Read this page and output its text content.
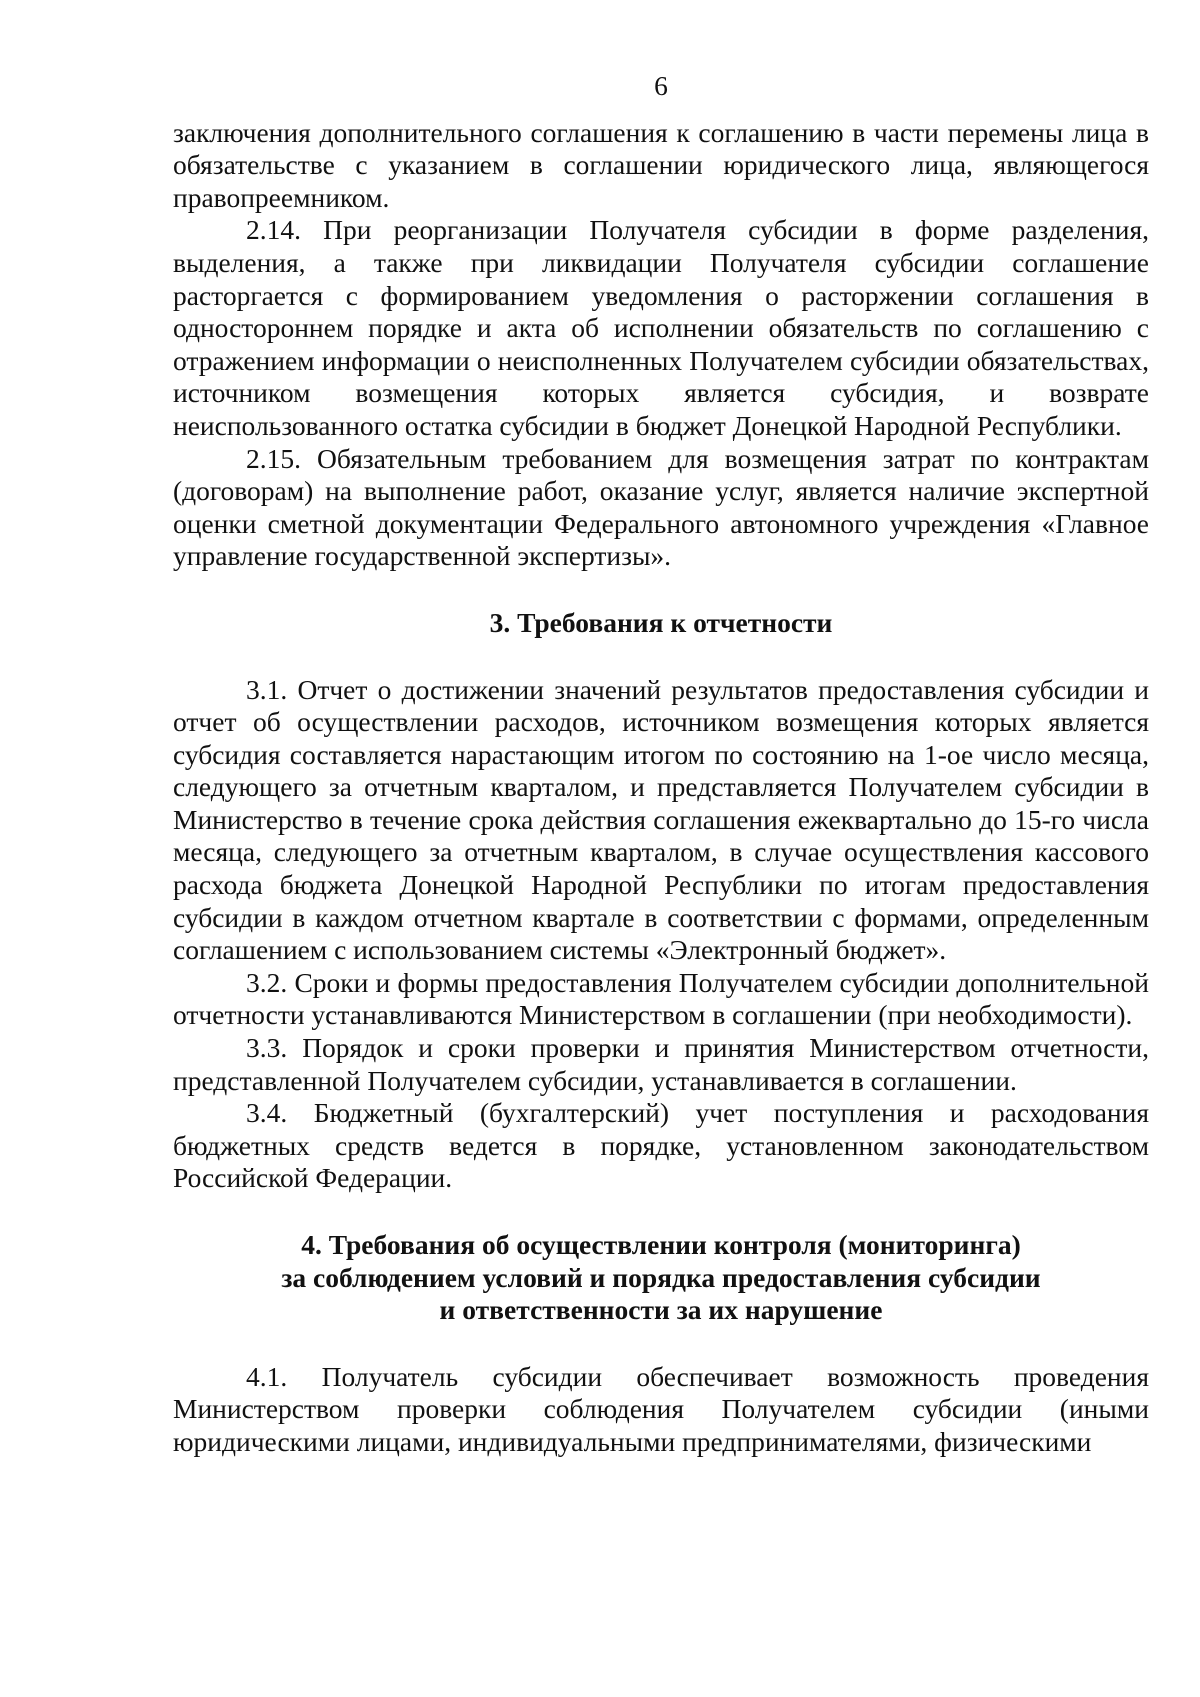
6

заключения дополнительного соглашения к соглашению в части перемены лица в обязательстве с указанием в соглашении юридического лица, являющегося правопреемником.

2.14. При реорганизации Получателя субсидии в форме разделения, выделения, а также при ликвидации Получателя субсидии соглашение расторгается с формированием уведомления о расторжении соглашения в одностороннем порядке и акта об исполнении обязательств по соглашению с отражением информации о неисполненных Получателем субсидии обязательствах, источником возмещения которых является субсидия, и возврате неиспользованного остатка субсидии в бюджет Донецкой Народной Республики.

2.15. Обязательным требованием для возмещения затрат по контрактам (договорам) на выполнение работ, оказание услуг, является наличие экспертной оценки сметной документации Федерального автономного учреждения «Главное управление государственной экспертизы».

3. Требования к отчетности

3.1. Отчет о достижении значений результатов предоставления субсидии и отчет об осуществлении расходов, источником возмещения которых является субсидия составляется нарастающим итогом по состоянию на 1-ое число месяца, следующего за отчетным кварталом, и представляется Получателем субсидии в Министерство в течение срока действия соглашения ежеквартально до 15-го числа месяца, следующего за отчетным кварталом, в случае осуществления кассового расхода бюджета Донецкой Народной Республики по итогам предоставления субсидии в каждом отчетном квартале в соответствии с формами, определенным соглашением с использованием системы «Электронный бюджет».

3.2. Сроки и формы предоставления Получателем субсидии дополнительной отчетности устанавливаются Министерством в соглашении (при необходимости).

3.3. Порядок и сроки проверки и принятия Министерством отчетности, представленной Получателем субсидии, устанавливается в соглашении.

3.4. Бюджетный (бухгалтерский) учет поступления и расходования бюджетных средств ведется в порядке, установленном законодательством Российской Федерации.

4. Требования об осуществлении контроля (мониторинга)
за соблюдением условий и порядка предоставления субсидии
и ответственности за их нарушение

4.1. Получатель субсидии обеспечивает возможность проведения Министерством проверки соблюдения Получателем субсидии (иными юридическими лицами, индивидуальными предпринимателями, физическими
